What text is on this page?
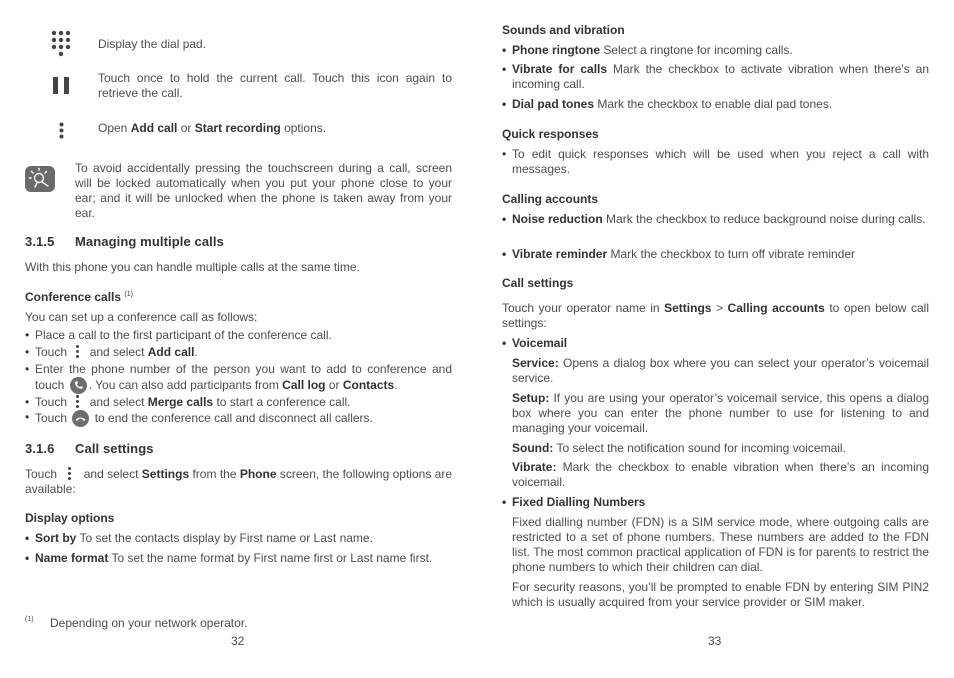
Display the dial pad.

Touch once to hold the current call. Touch this icon again to retrieve the call.

Open Add call or Start recording options.

To avoid accidentally pressing the touchscreen during a call, screen will be locked automatically when you put your phone close to your ear; and it will be unlocked when the phone is taken away from your ear.

3.1.5 Managing multiple calls

With this phone you can handle multiple calls at the same time.

Conference calls $^{(1)}$

You can set up a conference call as follows:

• Place a call to the first participant of the conference call.

• Touch
and select Add call.

• Enter the phone number of the person you want to add to conference and touch . You can also add participants from Call log or Contacts.

• Touch
and select Merge calls to start a conference call.

• Touch  to end the conference call and disconnect all callers.

3.1.6 Call settings

Touch
and select Settings from the Phone screen, the following options are available:

Display options
• Sort by To set the contacts display by First name or Last name.

• Name format To set the name format by First name first or Last name first.

(1) Depending on your network operator.

32
Sounds and vibration
• Phone ringtone Select a ringtone for incoming calls.

• Vibrate for calls Mark the checkbox to activate vibration when there's an incoming call.

• Dial pad tones Mark the checkbox to enable dial pad tones.

Quick responses
• To edit quick responses which will be used when you reject a call with messages.

Calling accounts
• Noise reduction Mark the checkbox to reduce background noise during calls.

• Vibrate reminder Mark the checkbox to turn off vibrate reminder

Call settings

Touch your operator name in Settings > Calling accounts to open below call settings:

• Voicemail

Service: Opens a dialog box where you can select your operator’s voicemail service.

Setup: If you are using your operator’s voicemail service, this opens a dialog box where you can enter the phone number to use for listening to and managing your voicemail.

Sound: To select the notification sound for incoming voicemail.

Vibrate: Mark the checkbox to enable vibration when there's an incoming voicemail.

• Fixed Dialling Numbers

Fixed dialling number (FDN) is a SIM service mode, where outgoing calls are restricted to a set of phone numbers. These numbers are added to the FDN list. The most common practical application of FDN is for parents to restrict the phone numbers to which their children can dial.

For security reasons, you’ll be prompted to enable FDN by entering SIM PIN2 which is usually acquired from your service provider or SIM maker.

33
